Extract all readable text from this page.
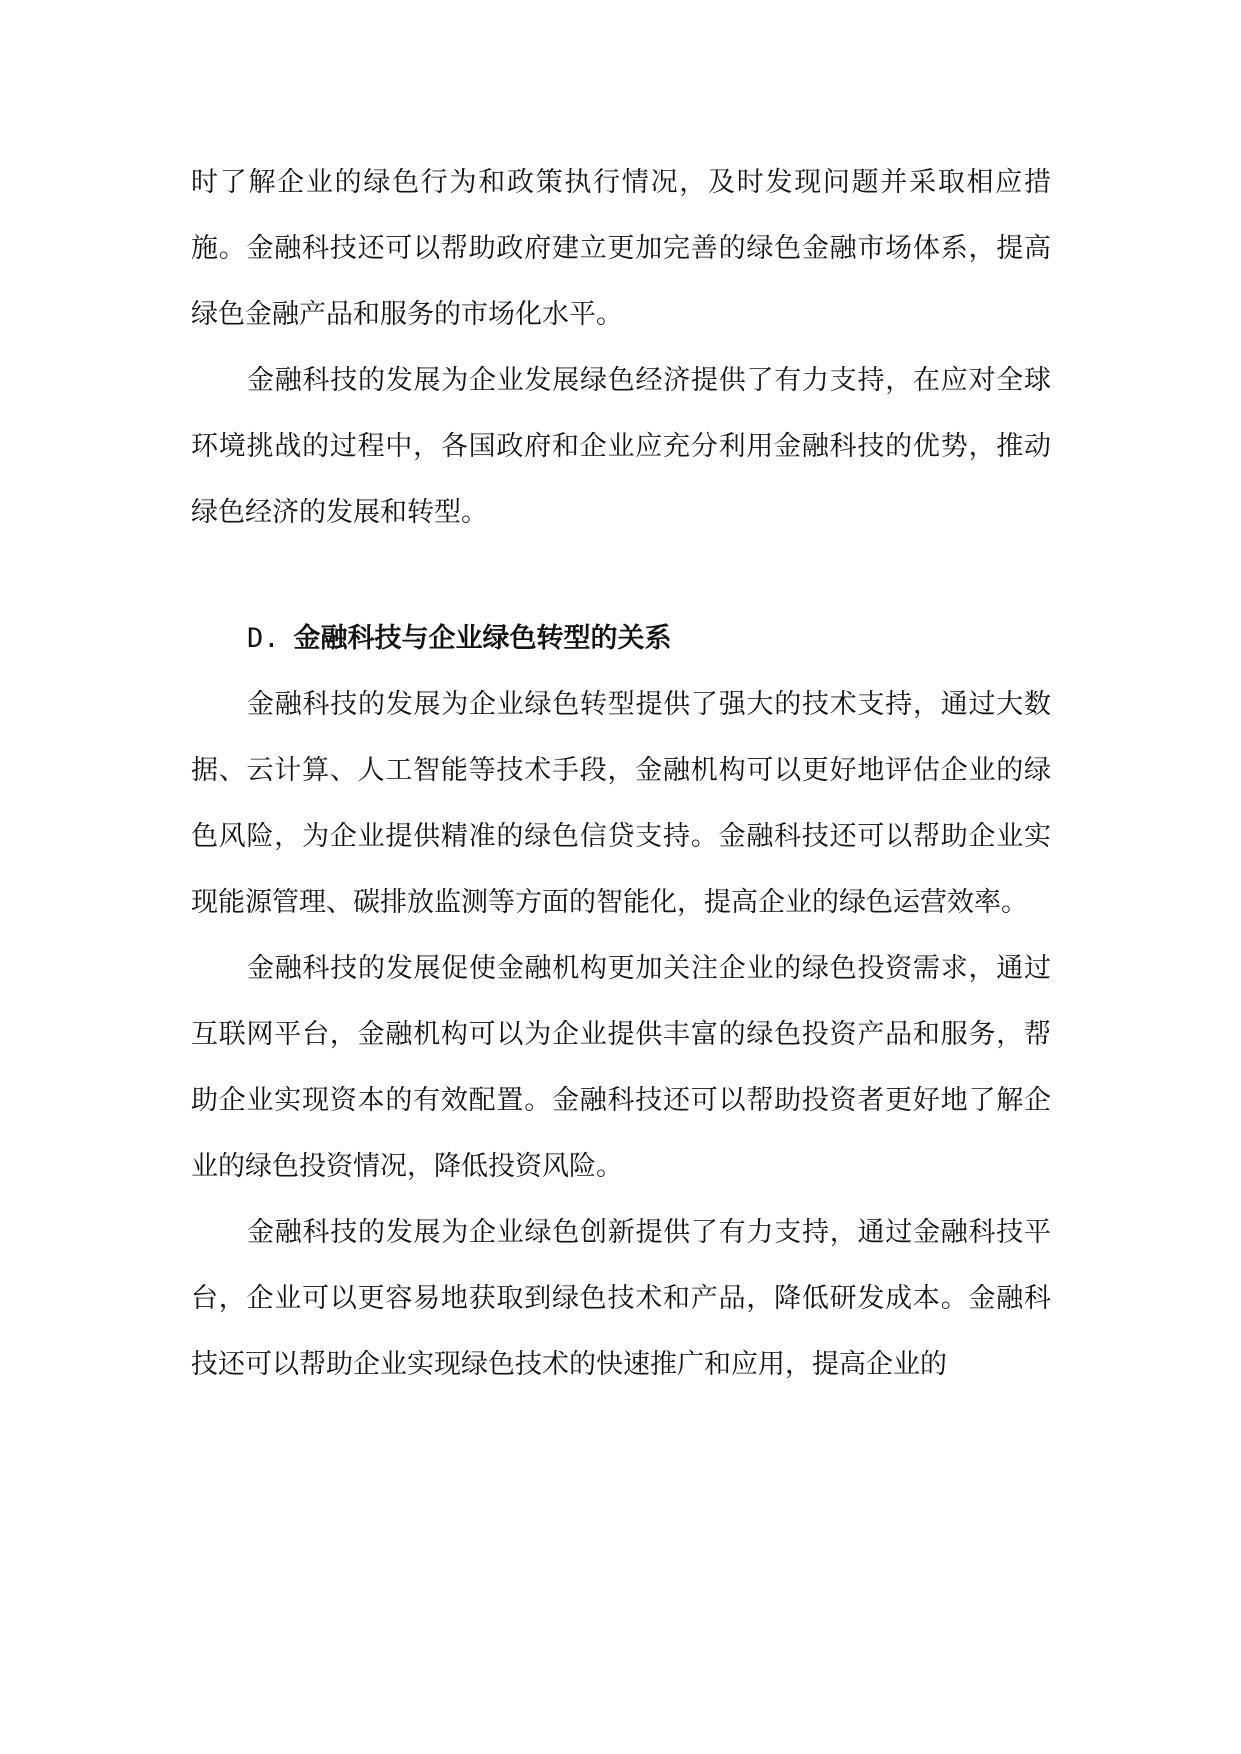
时了解企业的绿色行为和政策执行情况，及时发现问题并采取相应措施。金融科技还可以帮助政府建立更加完善的绿色金融市场体系，提高绿色金融产品和服务的市场化水平。

金融科技的发展为企业发展绿色经济提供了有力支持，在应对全球环境挑战的过程中，各国政府和企业应充分利用金融科技的优势，推动绿色经济的发展和转型。

D. 金融科技与企业绿色转型的关系

金融科技的发展为企业绿色转型提供了强大的技术支持，通过大数据、云计算、人工智能等技术手段，金融机构可以更好地评估企业的绿色风险，为企业提供精准的绿色信贷支持。金融科技还可以帮助企业实现能源管理、碳排放监测等方面的智能化，提高企业的绿色运营效率。

金融科技的发展促使金融机构更加关注企业的绿色投资需求，通过互联网平台，金融机构可以为企业提供丰富的绿色投资产品和服务，帮助企业实现资本的有效配置。金融科技还可以帮助投资者更好地了解企业的绿色投资情况，降低投资风险。

金融科技的发展为企业绿色创新提供了有力支持，通过金融科技平台，企业可以更容易地获取到绿色技术和产品，降低研发成本。金融科技还可以帮助企业实现绿色技术的快速推广和应用，提高企业的
